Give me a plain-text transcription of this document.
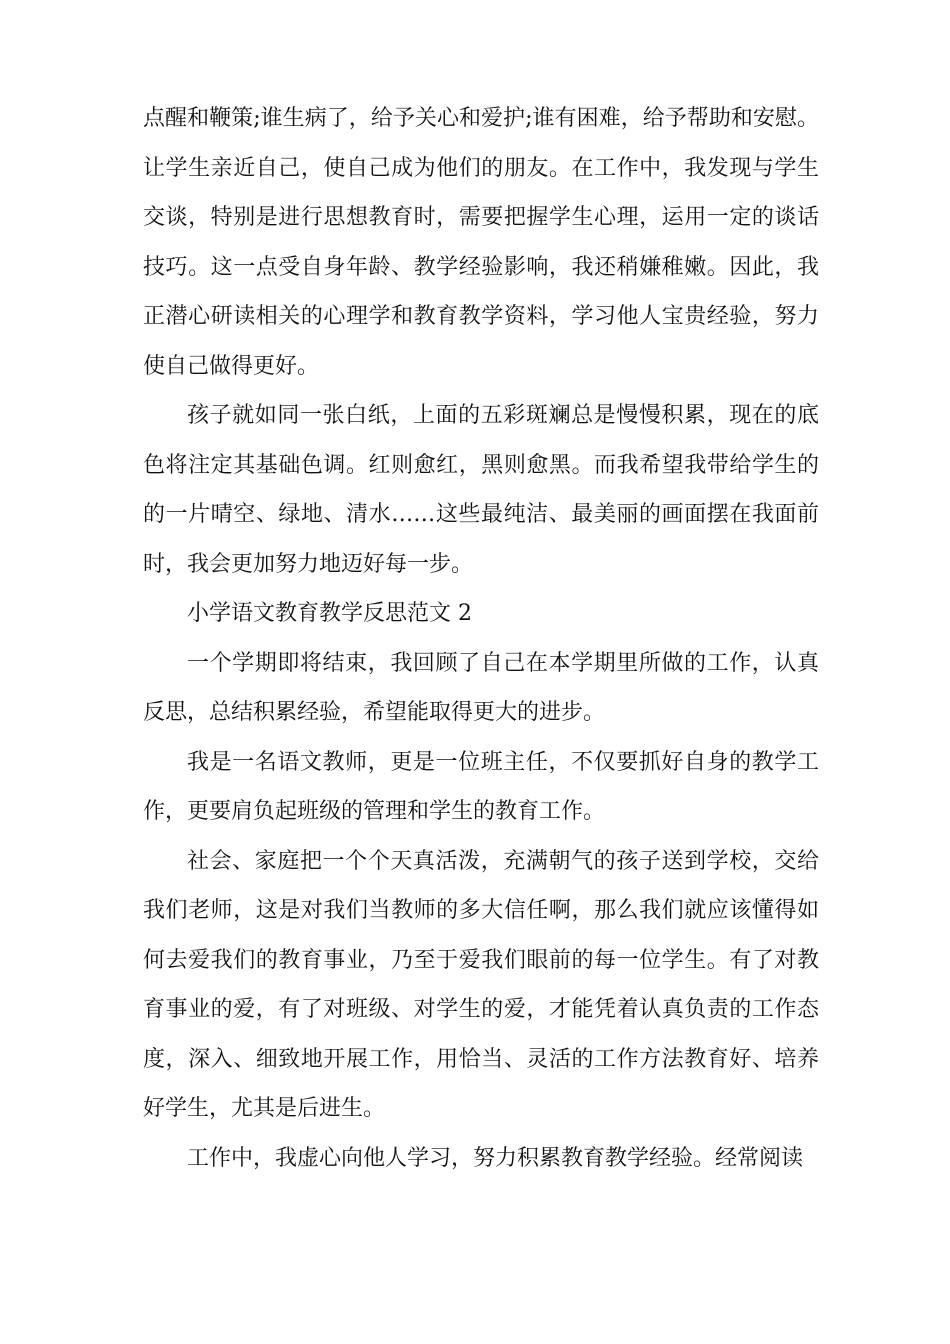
点醒和鞭策;谁生病了，给予关心和爱护;谁有困难，给予帮助和安慰。让学生亲近自己，使自己成为他们的朋友。在工作中，我发现与学生交谈，特别是进行思想教育时，需要把握学生心理，运用一定的谈话技巧。这一点受自身年龄、教学经验影响，我还稍嫌稚嫩。因此，我正潜心研读相关的心理学和教育教学资料，学习他人宝贵经验，努力使自己做得更好。

孩子就如同一张白纸，上面的五彩斑斓总是慢慢积累，现在的底色将注定其基础色调。红则愈红，黑则愈黑。而我希望我带给学生的的一片晴空、绿地、清水……这些最纯洁、最美丽的画面摆在我面前时，我会更加努力地迈好每一步。

小学语文教育教学反思范文 2

一个学期即将结束，我回顾了自己在本学期里所做的工作，认真反思，总结积累经验，希望能取得更大的进步。

我是一名语文教师，更是一位班主任，不仅要抓好自身的教学工作，更要肩负起班级的管理和学生的教育工作。

社会、家庭把一个个天真活泼，充满朝气的孩子送到学校，交给我们老师，这是对我们当教师的多大信任啊，那么我们就应该懂得如何去爱我们的教育事业，乃至于爱我们眼前的每一位学生。有了对教育事业的爱，有了对班级、对学生的爱，才能凭着认真负责的工作态度，深入、细致地开展工作，用恰当、灵活的工作方法教育好、培养好学生，尤其是后进生。

工作中，我虚心向他人学习，努力积累教育教学经验。经常阅读
